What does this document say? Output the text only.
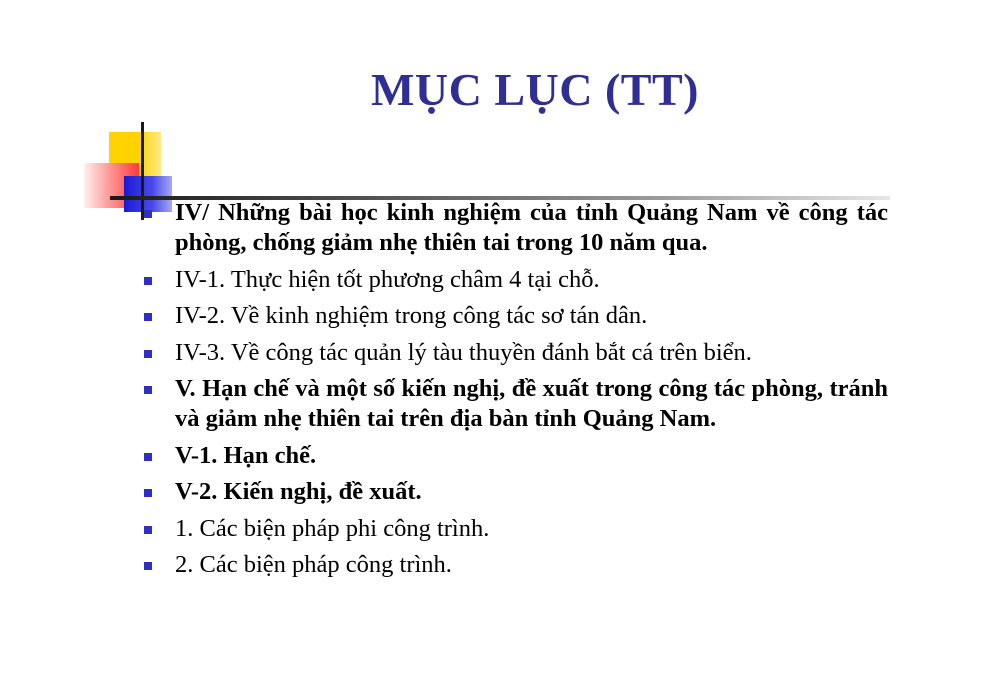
MỤC LỤC (TT)
IV/ Những bài học kinh nghiệm của tỉnh Quảng Nam về công tác phòng, chống giảm nhẹ thiên tai trong 10 năm qua.
IV-1. Thực hiện tốt phương châm 4 tại chỗ.
IV-2. Về kinh nghiệm trong công tác sơ tán dân.
IV-3. Về công tác quản lý tàu thuyền đánh bắt cá trên biển.
V. Hạn chế và một số kiến nghị, đề xuất trong công tác phòng, tránh và giảm nhẹ thiên tai trên địa bàn tỉnh Quảng Nam.
V-1. Hạn chế.
V-2. Kiến nghị, đề xuất.
1. Các biện pháp phi công trình.
2. Các biện pháp công trình.
